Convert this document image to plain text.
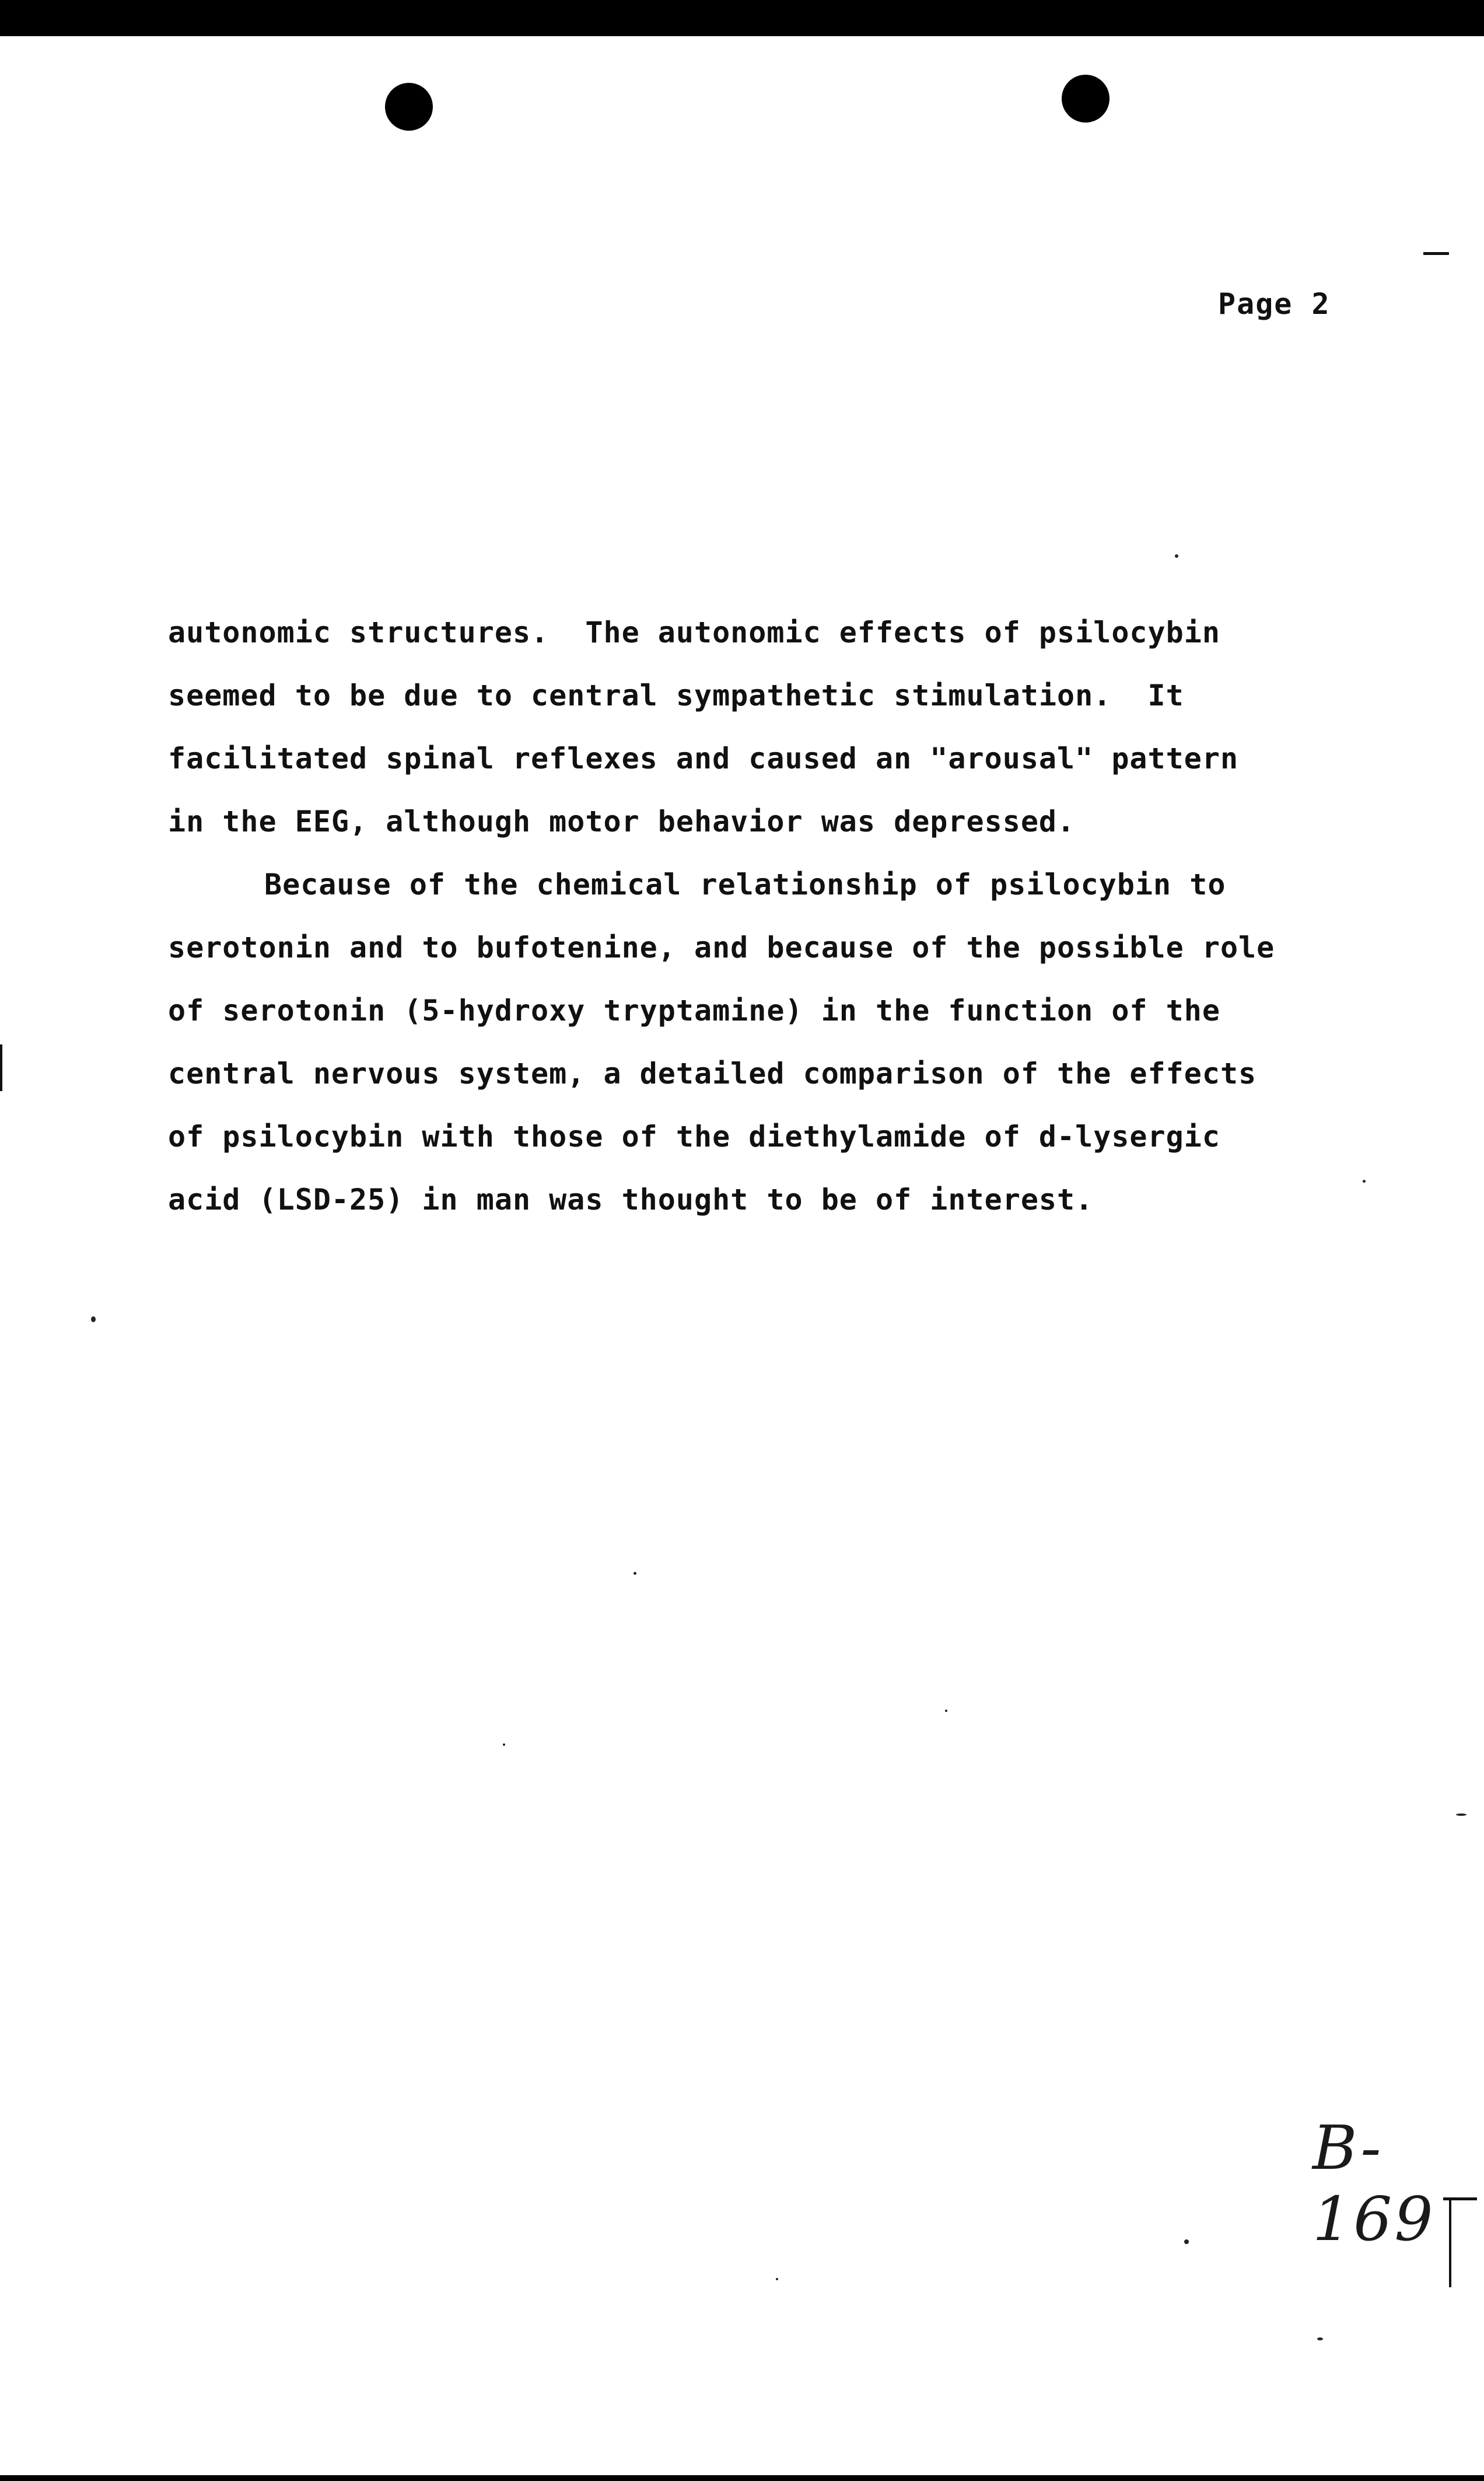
Page 2

autonomic structures.  The autonomic effects of psilocybin

seemed to be due to central sympathetic stimulation.  It

facilitated spinal reflexes and caused an "arousal" pattern

in the EEG, although motor behavior was depressed.

Because of the chemical relationship of psilocybin to

serotonin and to bufotenine, and because of the possible role

of serotonin (5-hydroxy tryptamine) in the function of the

central nervous system, a detailed comparison of the effects

of psilocybin with those of the diethylamide of d-lysergic

acid (LSD-25) in man was thought to be of interest.

B-169
